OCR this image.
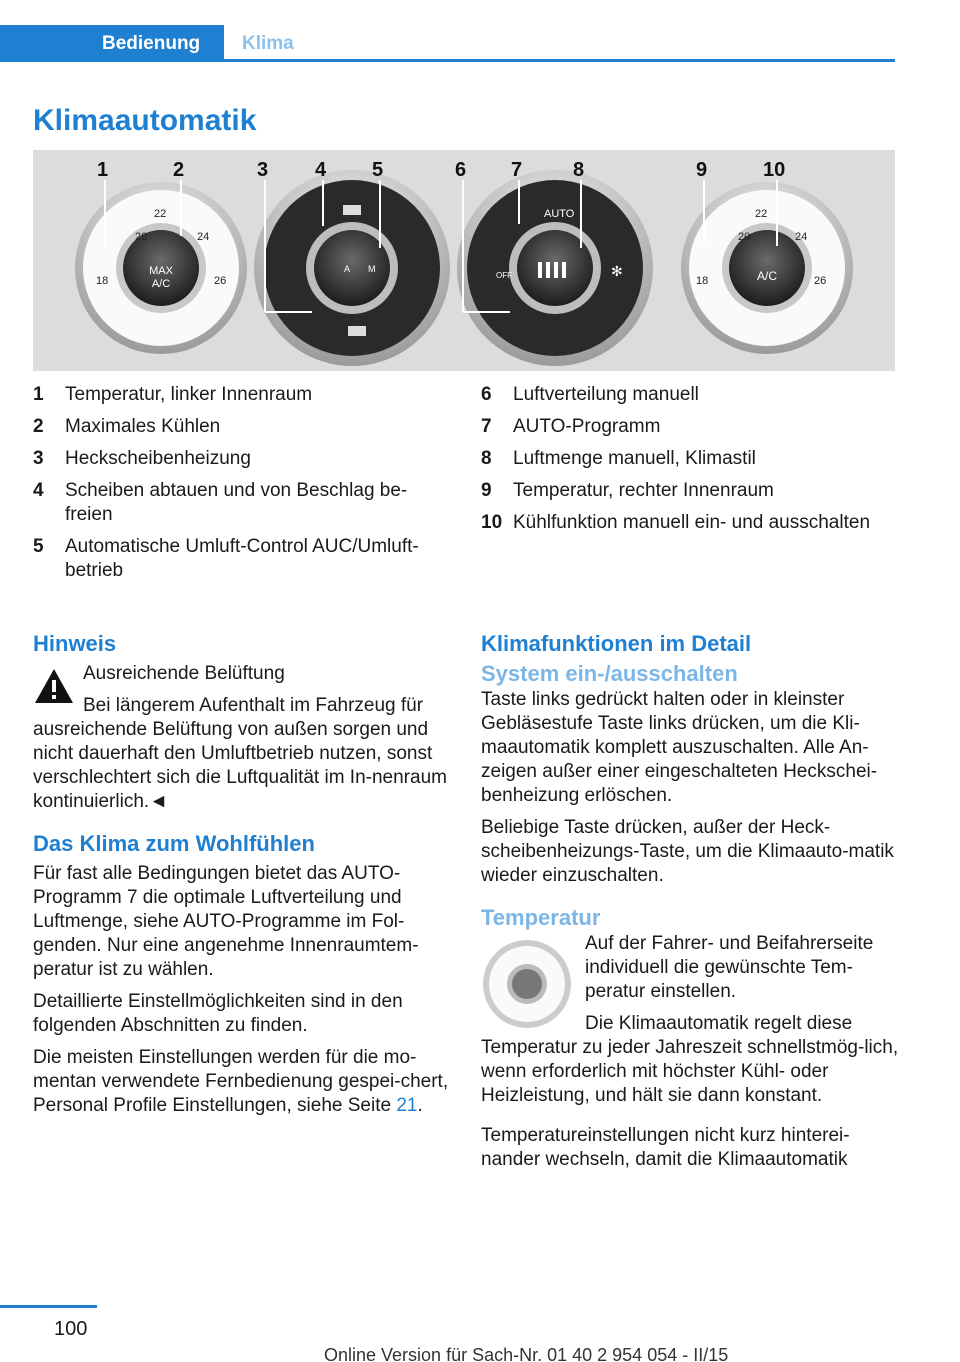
Bedienung	Klima
Klimaautomatik
20
22
24
18	26
MAX
A/C
A M
AUTO
OFF	✻
20
22
24
18	26
A/C
1	2	3 4 5	6 7	8	9	10
1 Temperatur, linker Innenraum
2 Maximales Kühlen
3 Heckscheibenheizung
4 Scheiben abtauen und von Beschlag be-freien
5 Automatische Umluft-Control AUC/Umluft-betrieb
6 Luftverteilung manuell
7 AUTO-Programm
8 Luftmenge manuell, Klimastil
9 Temperatur, rechter Innenraum
10 Kühlfunktion manuell ein- und ausschalten
Hinweis

Ausreichende Belüftung

Bei längerem Aufenthalt im Fahrzeug für ausreichende Belüftung von außen sorgen und nicht dauerhaft den Umluftbetrieb nutzen, sonst verschlechtert sich die Luftqualität im In-nenraum kontinuierlich.◄

Das Klima zum Wohlfühlen

Für fast alle Bedingungen bietet das AUTO-Programm 7 die optimale Luftverteilung und Luftmenge, siehe AUTO-Programme im Fol-genden. Nur eine angenehme Innenraumtem-peratur ist zu wählen.

Detaillierte Einstellmöglichkeiten sind in den folgenden Abschnitten zu finden.

Die meisten Einstellungen werden für die mo-mentan verwendete Fernbedienung gespei-chert, Personal Profile Einstellungen, siehe Seite 21.

Klimafunktionen im Detail
System ein-/ausschalten

Taste links gedrückt halten oder in kleinster Gebläsestufe Taste links drücken, um die Kli-maautomatik komplett auszuschalten. Alle An-zeigen außer einer eingeschalteten Heckschei-benheizung erlöschen.

Beliebige Taste drücken, außer der Heck-scheibenheizungs-Taste, um die Klimaauto-matik wieder einzuschalten.

Temperatur

Auf der Fahrer- und Beifahrerseite individuell die gewünschte Tem-peratur einstellen.

Die Klimaautomatik regelt diese Temperatur zu jeder Jahreszeit schnellstmög-lich, wenn erforderlich mit höchster Kühl- oder Heizleistung, und hält sie dann konstant.

Temperatureinstellungen nicht kurz hinterei-nander wechseln, damit die Klimaautomatik

100
Online Version für Sach-Nr. 01 40 2 954 054 - II/15
